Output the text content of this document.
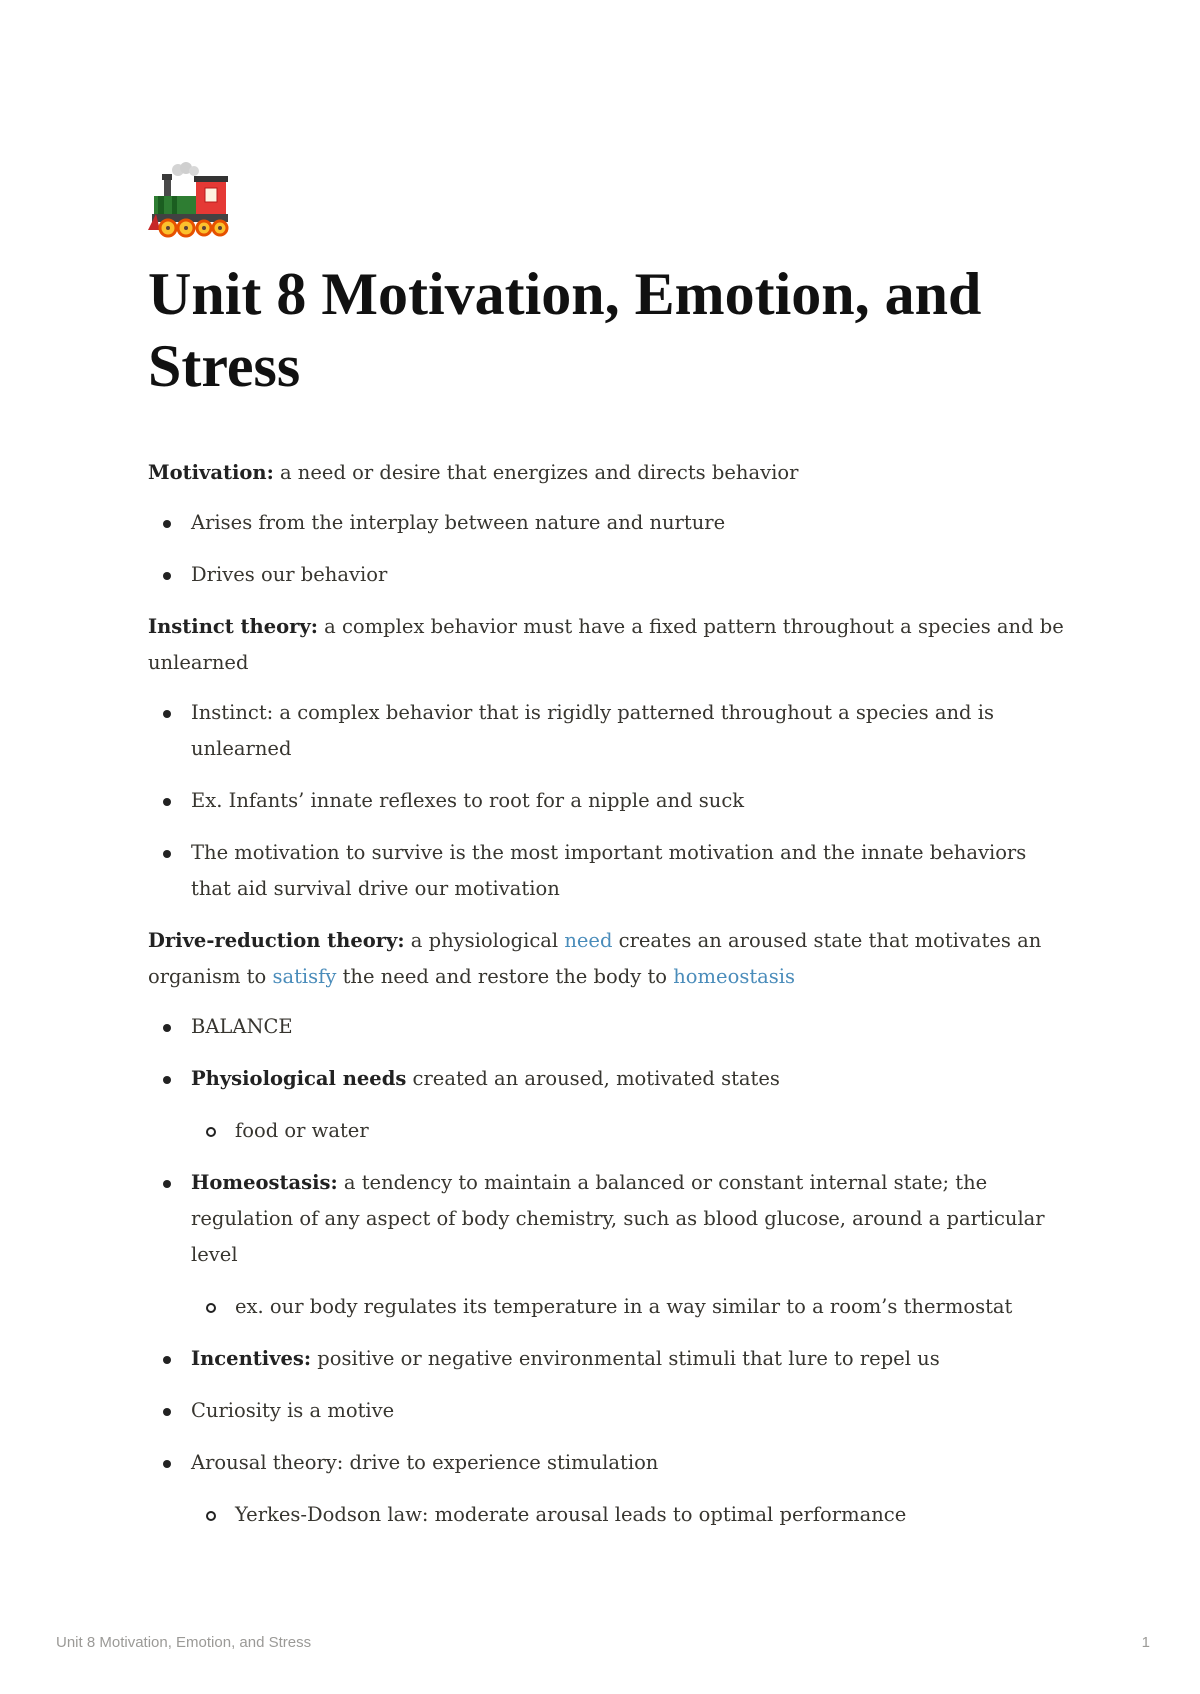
Unit 8 Motivation, Emotion, and Stress

Motivation: a need or desire that energizes and directs behavior

Arises from the interplay between nature and nurture
Drives our behavior

Instinct theory: a complex behavior must have a fixed pattern throughout a species and be unlearned

Instinct: a complex behavior that is rigidly patterned throughout a species and is unlearned
Ex. Infants’ innate reflexes to root for a nipple and suck
The motivation to survive is the most important motivation and the innate behaviors that aid survival drive our motivation

Drive-reduction theory: a physiological need creates an aroused state that motivates an organism to satisfy the need and restore the body to homeostasis

BALANCE
Physiological needs created an aroused, motivated states
food or water
Homeostasis: a tendency to maintain a balanced or constant internal state; the regulation of any aspect of body chemistry, such as blood glucose, around a particular level
ex. our body regulates its temperature in a way similar to a room’s thermostat
Incentives: positive or negative environmental stimuli that lure to repel us
Curiosity is a motive
Arousal theory: drive to experience stimulation
Yerkes-Dodson law: moderate arousal leads to optimal performance
Unit 8 Motivation, Emotion, and Stress	1
